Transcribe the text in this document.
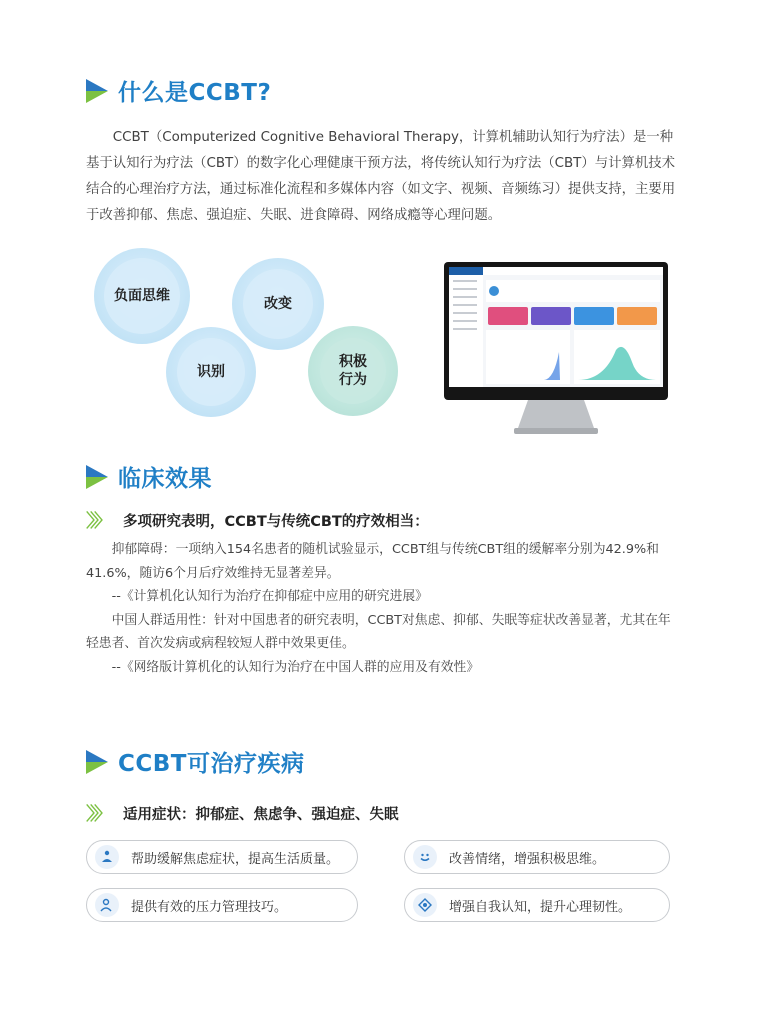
什么是CCBT?

CCBT（Computerized Cognitive Behavioral Therapy，计算机辅助认知行为疗法）是一种基于认知行为疗法（CBT）的数字化心理健康干预方法，将传统认知行为疗法（CBT）与计算机技术结合的心理治疗方法，通过标准化流程和多媒体内容（如文字、视频、音频练习）提供支持，主要用于改善抑郁、焦虑、强迫症、失眠、进食障碍、网络成瘾等心理问题。

负面思维	改变
识别
积极
行为
临床效果
〉〉〉 多项研究表明，CCBT与传统CBT的疗效相当：

抑郁障碍：一项纳入154名患者的随机试验显示，CCBT组与传统CBT组的缓解率分别为42.9%和41.6%，随访6个月后疗效维持无显著差异。

--《计算机化认知行为治疗在抑郁症中应用的研究进展》

中国人群适用性：针对中国患者的研究表明，CCBT对焦虑、抑郁、失眠等症状改善显著，尤其在年轻患者、首次发病或病程较短人群中效果更佳。

--《网络版计算机化的认知行为治疗在中国人群的应用及有效性》

CCBT可治疗疾病
〉〉〉 适用症状：抑郁症、焦虑争、强迫症、失眠
帮助缓解焦虑症状，提高生活质量。	改善情绪，增强积极思维。
提供有效的压力管理技巧。	增强自我认知，提升心理韧性。
